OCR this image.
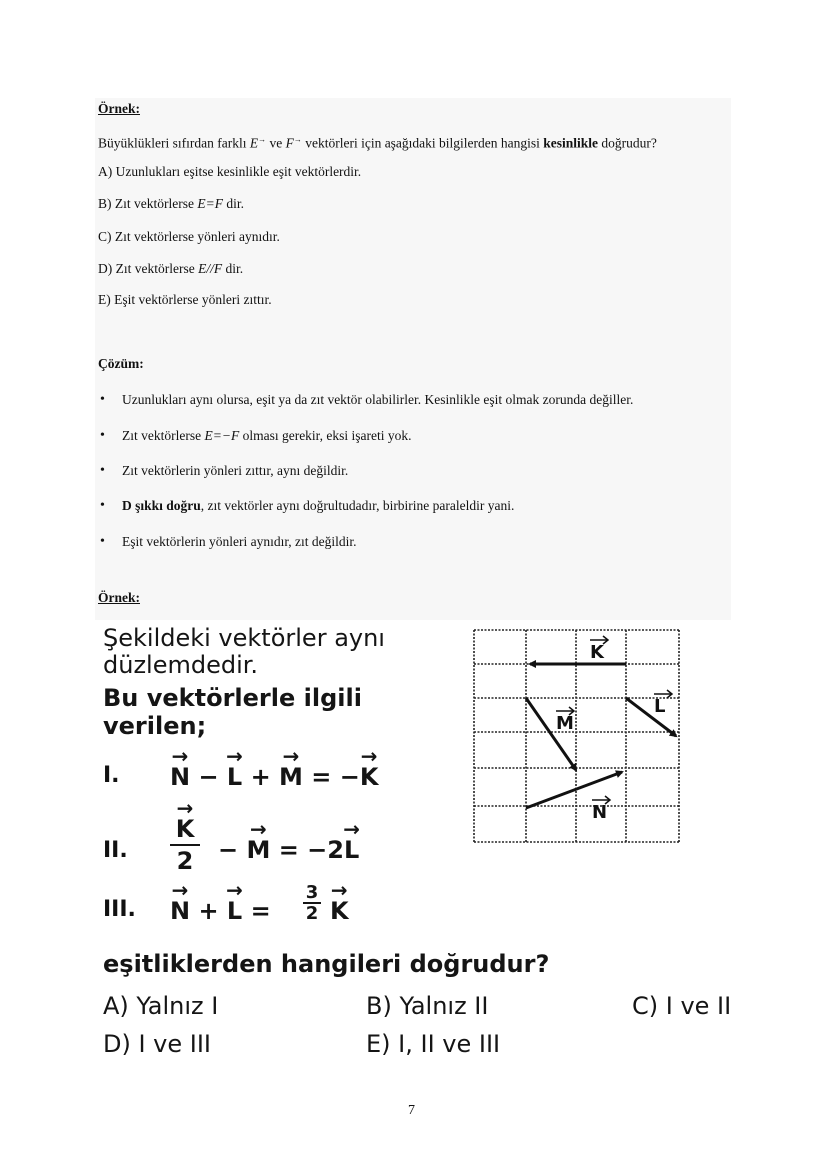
Örnek:
Büyüklükleri sıfırdan farklı E→ ve F→ vektörleri için aşağıdaki bilgilerden hangisi kesinlikle doğrudur?
A) Uzunlukları eşitse kesinlikle eşit vektörlerdir.
B) Zıt vektörlerse E=F dir.
C) Zıt vektörlerse yönleri aynıdır.
D) Zıt vektörlerse E//F dir.
E) Eşit vektörlerse yönleri zıttır.
Çözüm:
• Uzunlukları aynı olursa, eşit ya da zıt vektör olabilirler. Kesinlikle eşit olmak zorunda değiller.
• Zıt vektörlerse E=−F olması gerekir, eksi işareti yok.
• Zıt vektörlerin yönleri zıttır, aynı değildir.
• D şıkkı doğru, zıt vektörler aynı doğrultudadır, birbirine paraleldir yani.
• Eşit vektörlerin yönleri aynıdır, zıt değildir.
Örnek:
Şekildeki vektörler aynı
düzlemdedir.
Bu vektörlerle ilgili
verilen;
I. → N − → L + → M = −→ K
II.
→ K
2 − → M = −2→ L
III. → N + → L =
3
2 → K
eşitliklerden hangileri doğrudur?
A) Yalnız I	B) Yalnız II	C) I ve II
D) I ve III	E) I, II ve III
K
L
M
N
7
